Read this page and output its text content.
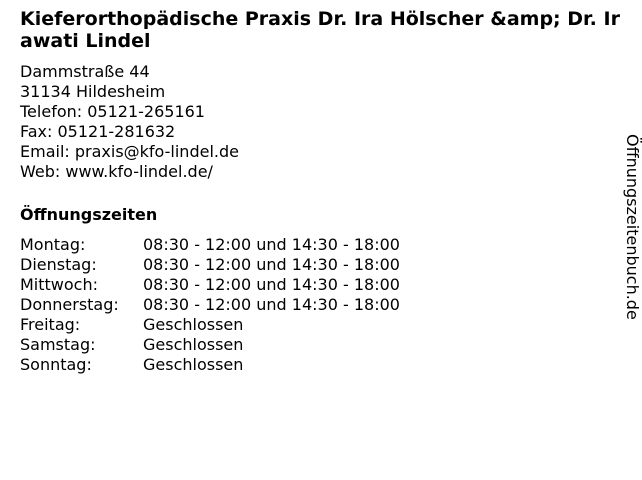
Kieferorthopädische Praxis Dr. Ira Hölscher &amp; Dr. Irawati Lindel
Dammstraße 44
31134 Hildesheim
Telefon: 05121-265161
Fax: 05121-281632
Email: praxis@kfo-lindel.de
Web: www.kfo-lindel.de/
Öffnungszeiten
Montag:	08:30 - 12:00 und 14:30 - 18:00
Dienstag:	08:30 - 12:00 und 14:30 - 18:00
Mittwoch:	08:30 - 12:00 und 14:30 - 18:00
Donnerstag:	08:30 - 12:00 und 14:30 - 18:00
Freitag:	Geschlossen
Samstag:	Geschlossen
Sonntag:	Geschlossen
Öffnungszeitenbuch.de
